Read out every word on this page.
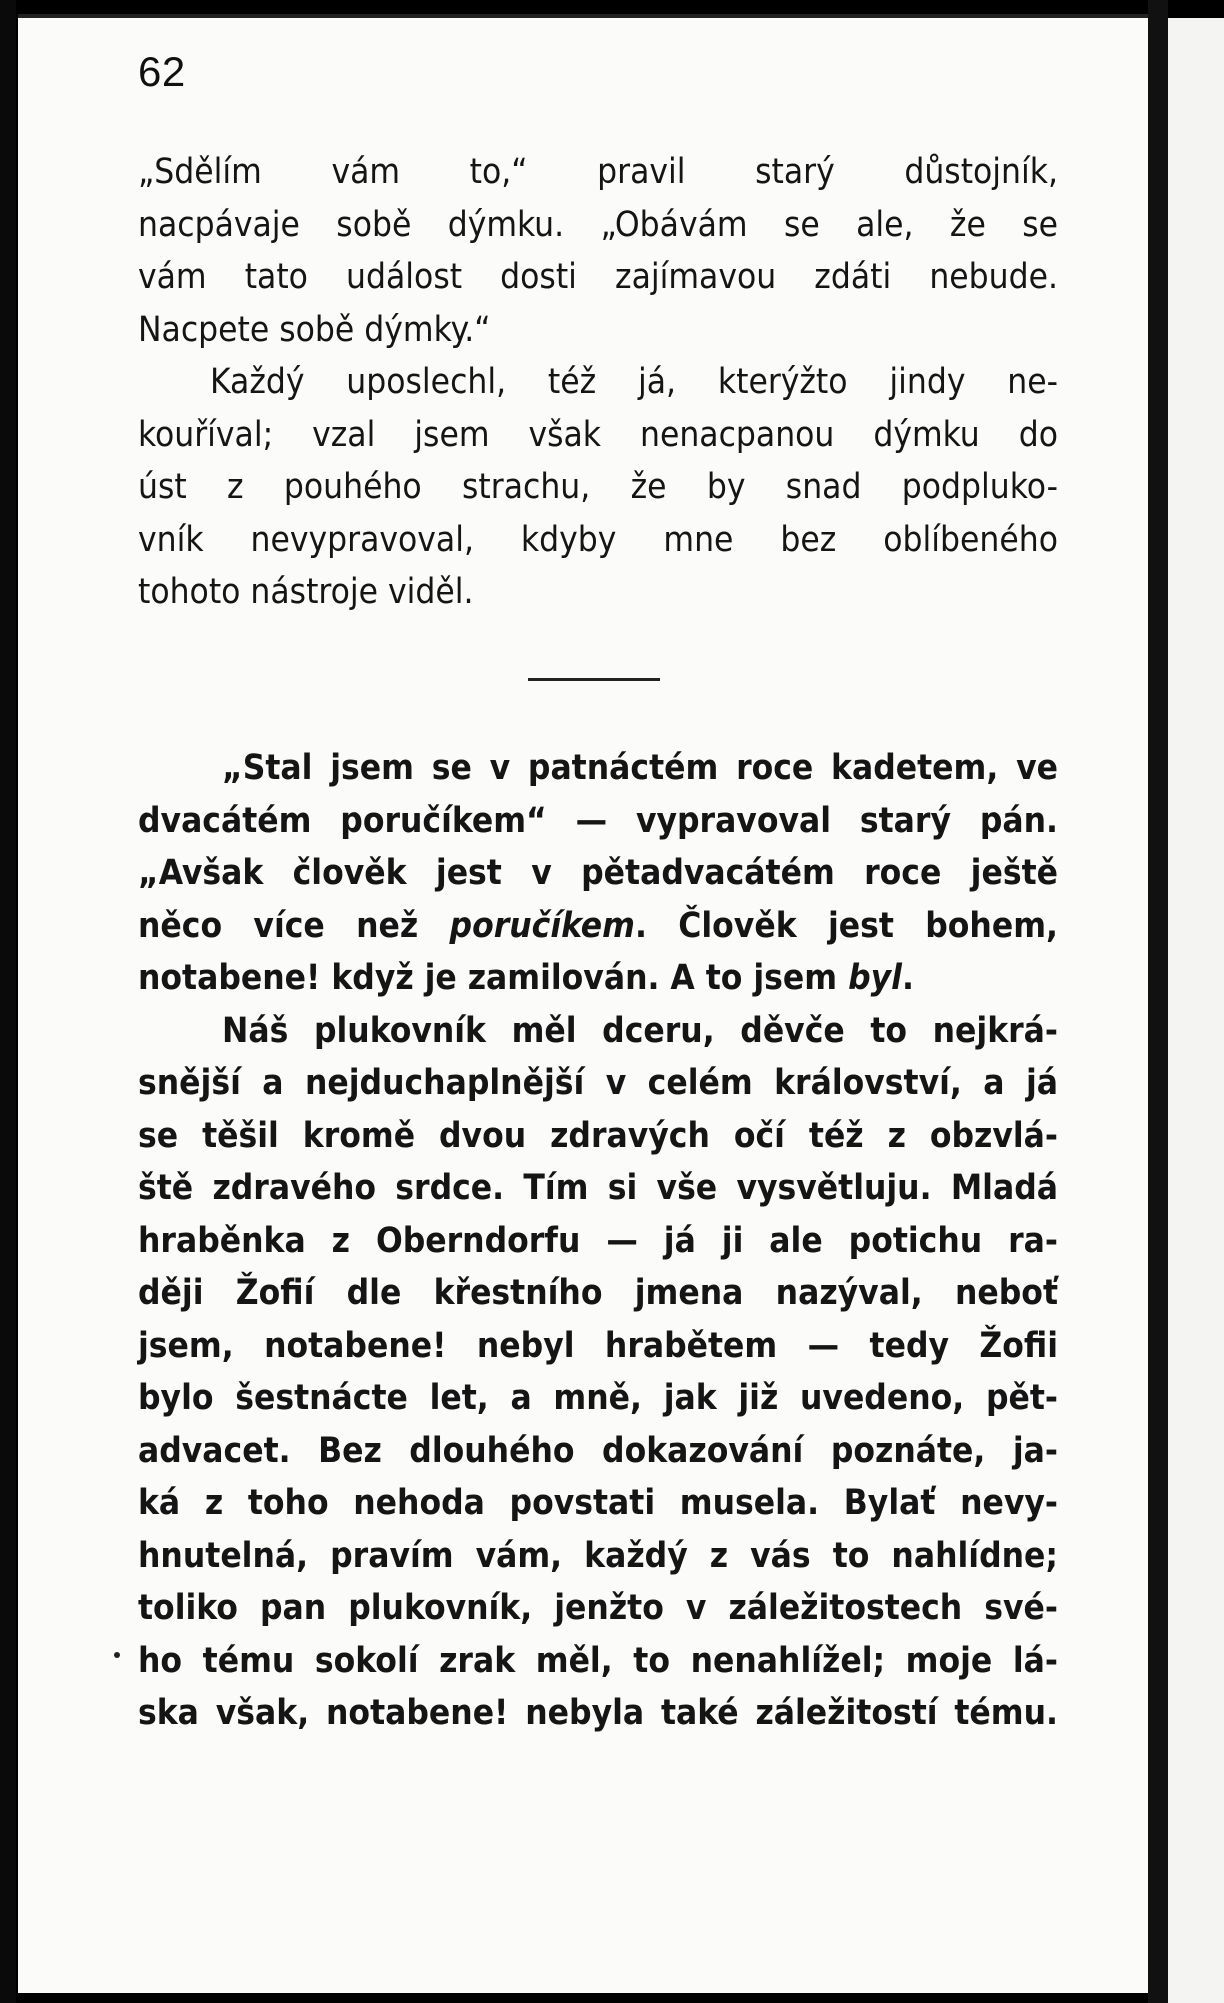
62
„Sdělím vám to,“ pravil starý důstojník,
nacpávaje sobě dýmku. „Obávám se ale, že se
vám tato událost dosti zajímavou zdáti nebude.
Nacpete sobě dýmky.“
Každý uposlechl, též já, kterýžto jindy ne-
kouříval; vzal jsem však nenacpanou dýmku do
úst z pouhého strachu, že by snad podpluko-
vník nevypravoval, kdyby mne bez oblíbeného
tohoto nástroje viděl.
„Stal jsem se v patnáctém roce kadetem, ve
dvacátém poručíkem“ — vypravoval starý pán.
„Avšak člověk jest v pětadvacátém roce ještě
něco více než poručíkem. Člověk jest bohem,
notabene! když je zamilován. A to jsem byl.
Náš plukovník měl dceru, děvče to nejkrá-
snější a nejduchaplnější v celém království, a já
se těšil kromě dvou zdravých očí též z obzvlá-
ště zdravého srdce. Tím si vše vysvětluju. Mladá
hraběnka z Oberndorfu — já ji ale potichu ra-
ději Žofií dle křestního jmena nazýval, neboť
jsem, notabene! nebyl hrabětem — tedy Žofii
bylo šestnácte let, a mně, jak již uvedeno, pět-
advacet. Bez dlouhého dokazování poznáte, ja-
ká z toho nehoda povstati musela. Bylať nevy-
hnutelná, pravím vám, každý z vás to nahlídne;
toliko pan plukovník, jenžto v záležitostech své-
ho tému sokolí zrak měl, to nenahlížel; moje lá-
ska však, notabene! nebyla také záležitostí tému.
